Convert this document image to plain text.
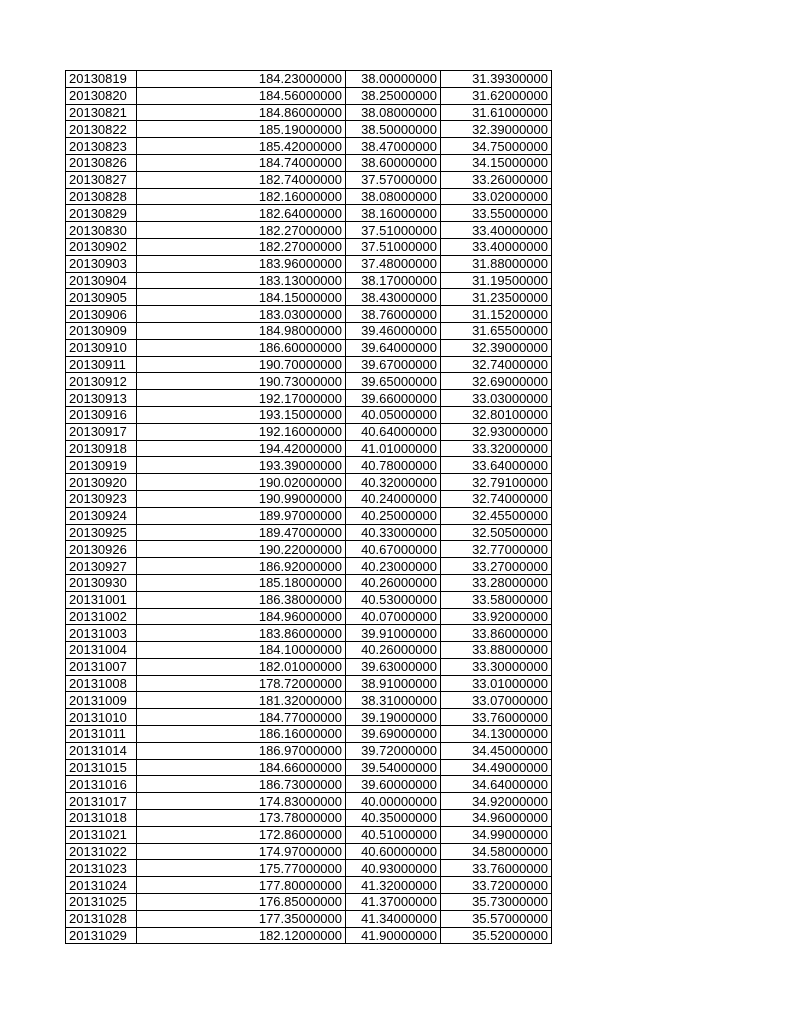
20130819	184.23000000	38.00000000	31.39300000
20130820	184.56000000	38.25000000	31.62000000
20130821	184.86000000	38.08000000	31.61000000
20130822	185.19000000	38.50000000	32.39000000
20130823	185.42000000	38.47000000	34.75000000
20130826	184.74000000	38.60000000	34.15000000
20130827	182.74000000	37.57000000	33.26000000
20130828	182.16000000	38.08000000	33.02000000
20130829	182.64000000	38.16000000	33.55000000
20130830	182.27000000	37.51000000	33.40000000
20130902	182.27000000	37.51000000	33.40000000
20130903	183.96000000	37.48000000	31.88000000
20130904	183.13000000	38.17000000	31.19500000
20130905	184.15000000	38.43000000	31.23500000
20130906	183.03000000	38.76000000	31.15200000
20130909	184.98000000	39.46000000	31.65500000
20130910	186.60000000	39.64000000	32.39000000
20130911	190.70000000	39.67000000	32.74000000
20130912	190.73000000	39.65000000	32.69000000
20130913	192.17000000	39.66000000	33.03000000
20130916	193.15000000	40.05000000	32.80100000
20130917	192.16000000	40.64000000	32.93000000
20130918	194.42000000	41.01000000	33.32000000
20130919	193.39000000	40.78000000	33.64000000
20130920	190.02000000	40.32000000	32.79100000
20130923	190.99000000	40.24000000	32.74000000
20130924	189.97000000	40.25000000	32.45500000
20130925	189.47000000	40.33000000	32.50500000
20130926	190.22000000	40.67000000	32.77000000
20130927	186.92000000	40.23000000	33.27000000
20130930	185.18000000	40.26000000	33.28000000
20131001	186.38000000	40.53000000	33.58000000
20131002	184.96000000	40.07000000	33.92000000
20131003	183.86000000	39.91000000	33.86000000
20131004	184.10000000	40.26000000	33.88000000
20131007	182.01000000	39.63000000	33.30000000
20131008	178.72000000	38.91000000	33.01000000
20131009	181.32000000	38.31000000	33.07000000
20131010	184.77000000	39.19000000	33.76000000
20131011	186.16000000	39.69000000	34.13000000
20131014	186.97000000	39.72000000	34.45000000
20131015	184.66000000	39.54000000	34.49000000
20131016	186.73000000	39.60000000	34.64000000
20131017	174.83000000	40.00000000	34.92000000
20131018	173.78000000	40.35000000	34.96000000
20131021	172.86000000	40.51000000	34.99000000
20131022	174.97000000	40.60000000	34.58000000
20131023	175.77000000	40.93000000	33.76000000
20131024	177.80000000	41.32000000	33.72000000
20131025	176.85000000	41.37000000	35.73000000
20131028	177.35000000	41.34000000	35.57000000
20131029	182.12000000	41.90000000	35.52000000
